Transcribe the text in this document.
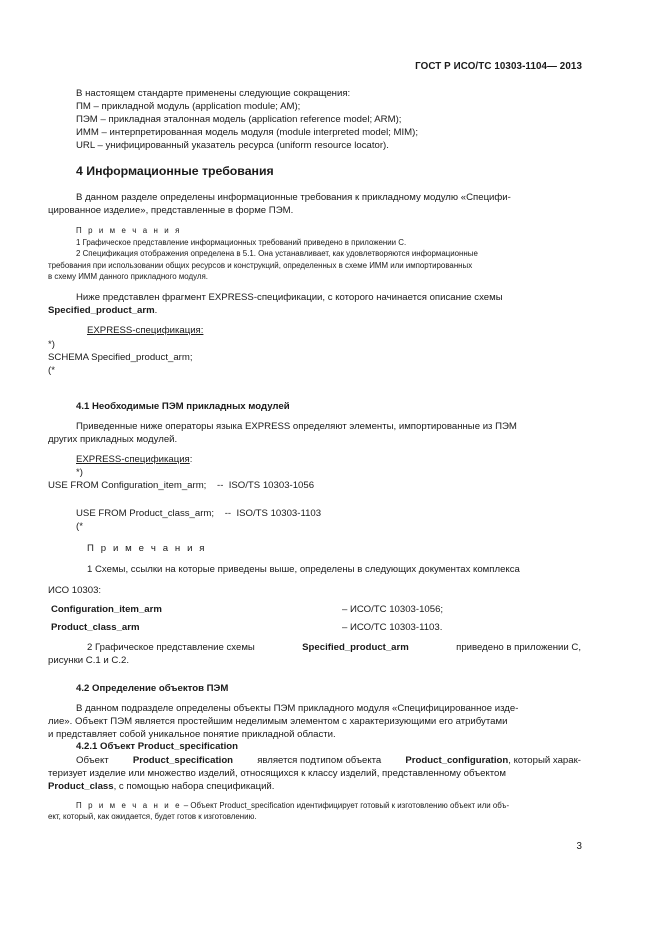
ГОСТ Р ИСО/ТС 10303-1104— 2013
В настоящем стандарте применены следующие сокращения:
ПМ – прикладной модуль (application module; AM);
ПЭМ – прикладная эталонная модель (application reference model; ARM);
ИММ – интерпретированная модель модуля (module interpreted model; MIM);
URL – унифицированный указатель ресурса (uniform resource locator).
4 Информационные требования
В данном разделе определены информационные требования к прикладному модулю «Специфи-
цированное изделие», представленные в форме ПЭМ.
П р и м е ч а н и я
1 Графическое представление информационных требований приведено в приложении С.
2 Спецификация отображения определена в 5.1. Она устанавливает, как удовлетворяются информационные
требования при использовании общих ресурсов и конструкций, определенных в схеме ИММ или импортированных
в схему ИММ данного прикладного модуля.
Ниже представлен фрагмент EXPRESS-спецификации, с которого начинается описание схемы
Specified_product_arm.
EXPRESS-спецификация:
*)
SCHEMA Specified_product_arm;
(*
4.1 Необходимые ПЭМ прикладных модулей
Приведенные ниже операторы языка EXPRESS определяют элементы, импортированные из ПЭМ
других прикладных модулей.
EXPRESS-спецификация:
*)
USE FROM Configuration_item_arm;    --  ISO/TS 10303-1056
USE FROM Product_class_arm;    --  ISO/TS 10303-1103
(*
П р и м е ч а н и я
1 Схемы, ссылки на которые приведены выше, определены в следующих документах комплекса
ИСО 10303:
Configuration_item_arm	– ИСО/ТС 10303-1056;
Product_class_arm	– ИСО/ТС 10303-1103.
2 Графическое представление схемы	Specified_product_arm	приведено в приложении С,
рисунки С.1 и С.2.
4.2 Определение объектов ПЭМ
В данном подразделе определены объекты ПЭМ прикладного модуля «Специфицированное изде-
лие». Объект ПЭМ является простейшим неделимым элементом с характеризующими его атрибутами
и представляет собой уникальное понятие прикладной области.
4.2.1 Объект Product_specification
Объект	Product_specification	является подтипом объекта	Product_configuration, который харак-
теризует изделие или множество изделий, относящихся к классу изделий, представленному объектом
Product_class, с помощью набора спецификаций.
П р и м е ч а н и е – Объект Product_specification идентифицирует готовый к изготовлению объект или объ-
ект, который, как ожидается, будет готов к изготовлению.
3
